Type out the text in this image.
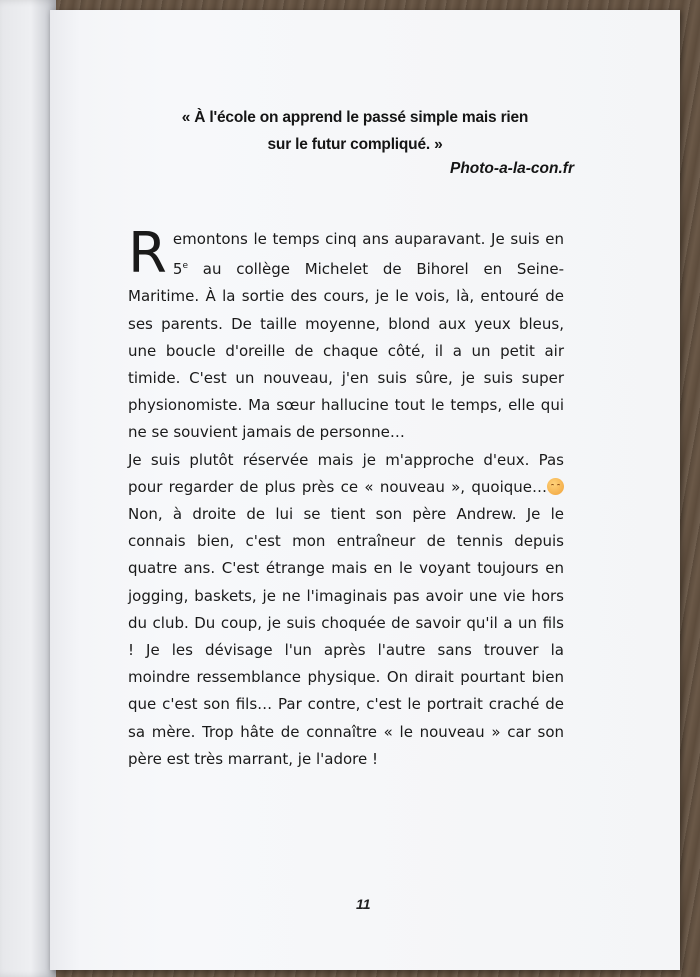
« À l'école on apprend le passé simple mais rien
sur le futur compliqué. »
Photo-a-la-con.fr

Remontons le temps cinq ans auparavant. Je suis en 5e au collège Michelet de Bihorel en Seine-Maritime. À la sortie des cours, je le vois, là, entouré de ses parents. De taille moyenne, blond aux yeux bleus, une boucle d'oreille de chaque côté, il a un petit air timide. C'est un nouveau, j'en suis sûre, je suis super physionomiste. Ma sœur hallucine tout le temps, elle qui ne se souvient jamais de personne…

Je suis plutôt réservée mais je m'approche d'eux. Pas pour regarder de plus près ce « nouveau », quoique… Non, à droite de lui se tient son père Andrew. Je le connais bien, c'est mon entraîneur de tennis depuis quatre ans. C'est étrange mais en le voyant toujours en jogging, baskets, je ne l'imaginais pas avoir une vie hors du club. Du coup, je suis choquée de savoir qu'il a un fils ! Je les dévisage l'un après l'autre sans trouver la moindre ressemblance physique. On dirait pourtant bien que c'est son fils… Par contre, c'est le portrait craché de sa mère. Trop hâte de connaître « le nouveau » car son père est très marrant, je l'adore !

11
